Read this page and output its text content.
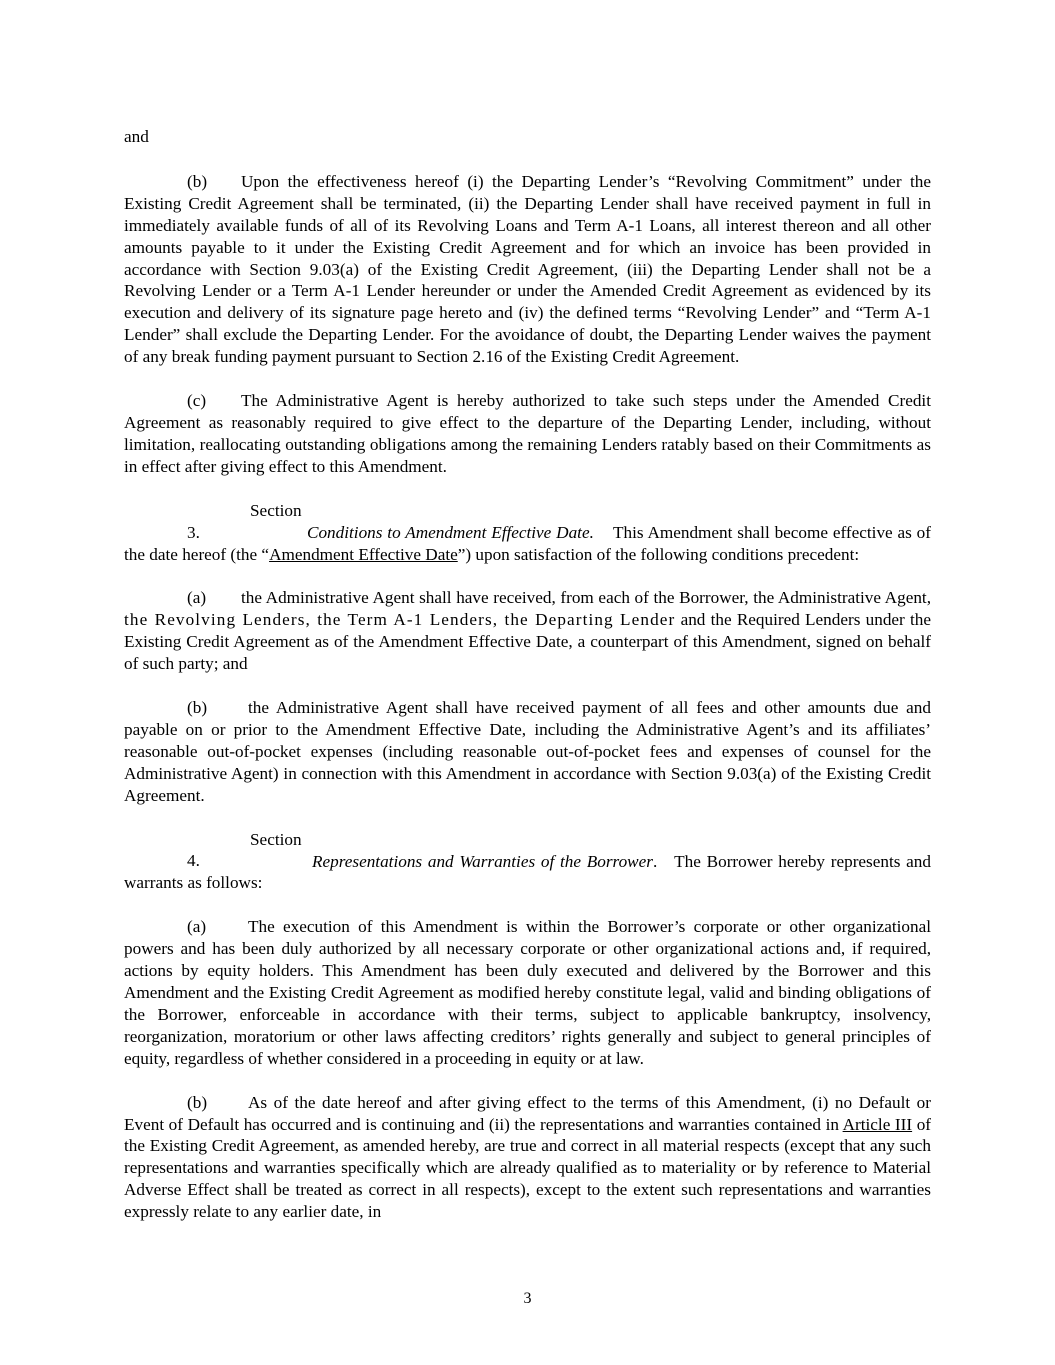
and

(b) Upon the effectiveness hereof (i) the Departing Lender’s “Revolving Commitment” under the Existing Credit Agreement shall be terminated, (ii) the Departing Lender shall have received payment in full in immediately available funds of all of its Revolving Loans and Term A-1 Loans, all interest thereon and all other amounts payable to it under the Existing Credit Agreement and for which an invoice has been provided in accordance with Section 9.03(a) of the Existing Credit Agreement, (iii) the Departing Lender shall not be a Revolving Lender or a Term A-1 Lender hereunder or under the Amended Credit Agreement as evidenced by its execution and delivery of its signature page hereto and (iv) the defined terms “Revolving Lender” and “Term A-1 Lender” shall exclude the Departing Lender. For the avoidance of doubt, the Departing Lender waives the payment of any break funding payment pursuant to Section 2.16 of the Existing Credit Agreement.

(c) The Administrative Agent is hereby authorized to take such steps under the Amended Credit Agreement as reasonably required to give effect to the departure of the Departing Lender, including, without limitation, reallocating outstanding obligations among the remaining Lenders ratably based on their Commitments as in effect after giving effect to this Amendment.

Section 3.	Conditions to Amendment Effective Date. This Amendment shall become effective as of the date hereof (the “Amendment Effective Date”) upon satisfaction of the following conditions precedent:

(a) the Administrative Agent shall have received, from each of the Borrower, the Administrative Agent, the Revolving Lenders, the Term A-1 Lenders, the Departing Lender and the Required Lenders under the Existing Credit Agreement as of the Amendment Effective Date, a counterpart of this Amendment, signed on behalf of such party; and

(b) the Administrative Agent shall have received payment of all fees and other amounts due and payable on or prior to the Amendment Effective Date, including the Administrative Agent’s and its affiliates’ reasonable out-of-pocket expenses (including reasonable out-of-pocket fees and expenses of counsel for the Administrative Agent) in connection with this Amendment in accordance with Section 9.03(a) of the Existing Credit Agreement.

Section 4.	Representations and Warranties of the Borrower. The Borrower hereby represents and warrants as follows:

(a) The execution of this Amendment is within the Borrower’s corporate or other organizational powers and has been duly authorized by all necessary corporate or other organizational actions and, if required, actions by equity holders. This Amendment has been duly executed and delivered by the Borrower and this Amendment and the Existing Credit Agreement as modified hereby constitute legal, valid and binding obligations of the Borrower, enforceable in accordance with their terms, subject to applicable bankruptcy, insolvency, reorganization, moratorium or other laws affecting creditors’ rights generally and subject to general principles of equity, regardless of whether considered in a proceeding in equity or at law.

(b) As of the date hereof and after giving effect to the terms of this Amendment, (i) no Default or Event of Default has occurred and is continuing and (ii) the representations and warranties contained in Article III of the Existing Credit Agreement, as amended hereby, are true and correct in all material respects (except that any such representations and warranties specifically which are already qualified as to materiality or by reference to Material Adverse Effect shall be treated as correct in all respects), except to the extent such representations and warranties expressly relate to any earlier date, in

3
